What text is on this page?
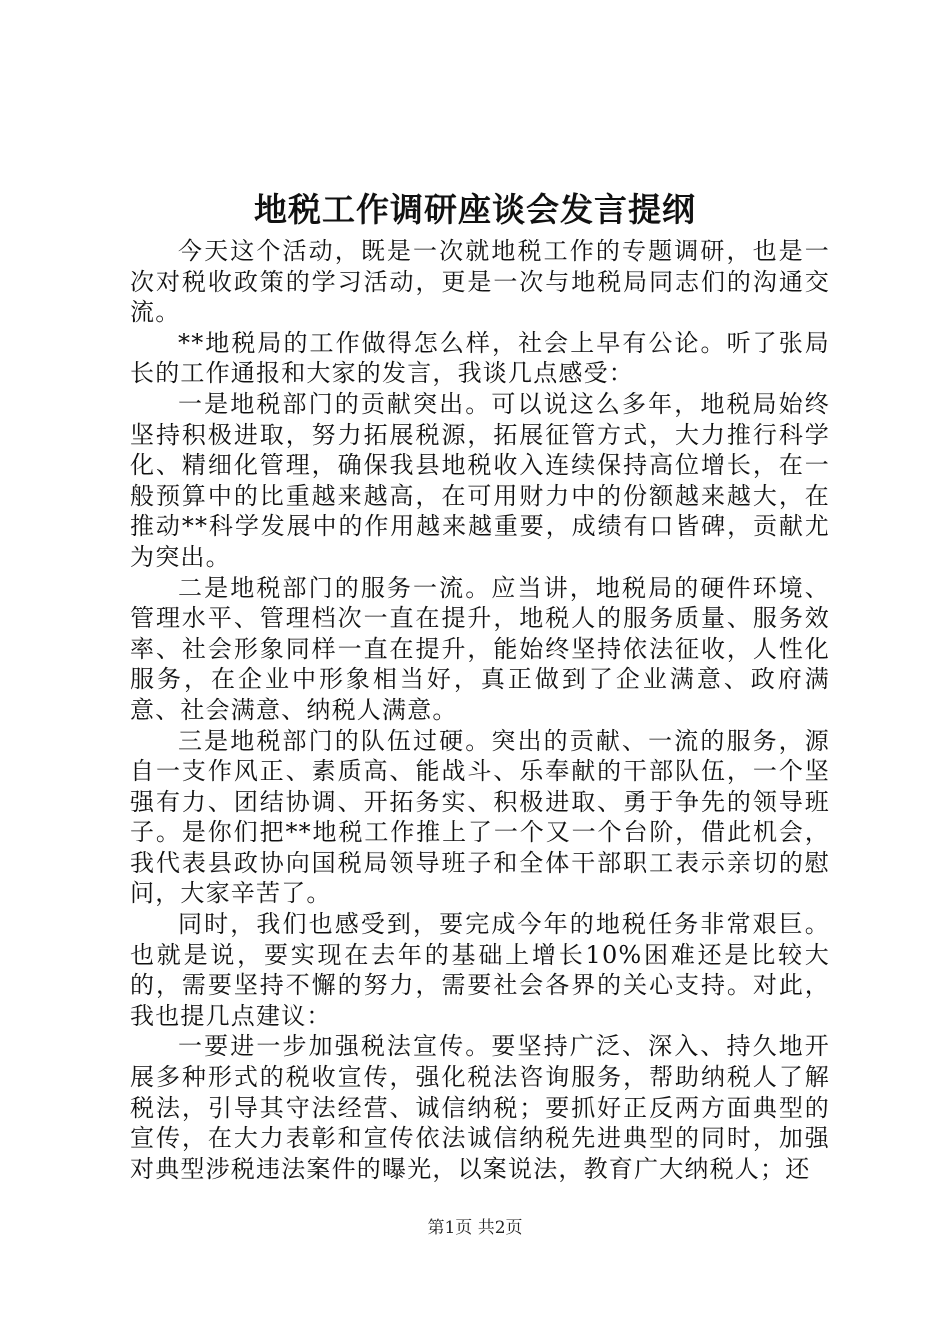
地税工作调研座谈会发言提纲

今天这个活动，既是一次就地税工作的专题调研，也是一次对税收政策的学习活动，更是一次与地税局同志们的沟通交流。

**地税局的工作做得怎么样，社会上早有公论。听了张局长的工作通报和大家的发言，我谈几点感受：

一是地税部门的贡献突出。可以说这么多年，地税局始终坚持积极进取，努力拓展税源，拓展征管方式，大力推行科学化、精细化管理，确保我县地税收入连续保持高位增长，在一般预算中的比重越来越高，在可用财力中的份额越来越大，在推动**科学发展中的作用越来越重要，成绩有口皆碑，贡献尤为突出。

二是地税部门的服务一流。应当讲，地税局的硬件环境、管理水平、管理档次一直在提升，地税人的服务质量、服务效率、社会形象同样一直在提升，能始终坚持依法征收，人性化服务，在企业中形象相当好，真正做到了企业满意、政府满意、社会满意、纳税人满意。

三是地税部门的队伍过硬。突出的贡献、一流的服务，源自一支作风正、素质高、能战斗、乐奉献的干部队伍，一个坚强有力、团结协调、开拓务实、积极进取、勇于争先的领导班子。是你们把**地税工作推上了一个又一个台阶，借此机会，我代表县政协向国税局领导班子和全体干部职工表示亲切的慰问，大家辛苦了。

同时，我们也感受到，要完成今年的地税任务非常艰巨。也就是说，要实现在去年的基础上增长10%困难还是比较大的，需要坚持不懈的努力，需要社会各界的关心支持。对此，我也提几点建议：

一要进一步加强税法宣传。要坚持广泛、深入、持久地开展多种形式的税收宣传，强化税法咨询服务，帮助纳税人了解税法，引导其守法经营、诚信纳税；要抓好正反两方面典型的宣传，在大力表彰和宣传依法诚信纳税先进典型的同时，加强对典型涉税违法案件的曝光，以案说法，教育广大纳税人；还

第1页 共2页
